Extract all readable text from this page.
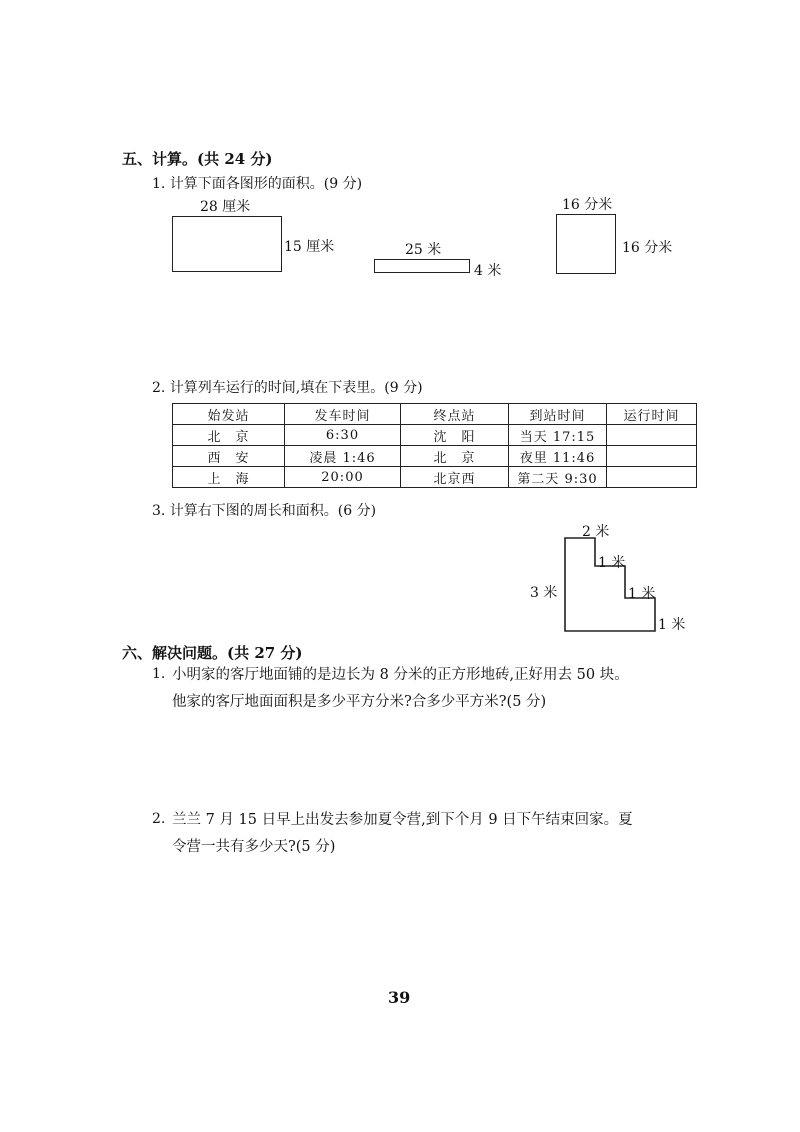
五、计算。(共 24 分)
1. 计算下面各图形的面积。(9 分)
28 厘米
15 厘米	25 米
4 米
16 分米
16 分米
2. 计算列车运行的时间,填在下表里。(9 分)
始发站	发车时间	终点站	到站时间	运行时间
北　京	6:30	沈　阳	当天 17:15	
西　安	凌晨 1:46	北　京	夜里 11:46	
上　海	20:00	北京西	第二天 9:30	
3. 计算右下图的周长和面积。(6 分)
2 米
3 米
1 米
1 米
1 米
六、解决问题。(共 27 分)
1. 小明家的客厅地面铺的是边长为 8 分米的正方形地砖,正好用去 50 块。
他家的客厅地面面积是多少平方分米?合多少平方米?(5 分)
2. 兰兰 7 月 15 日早上出发去参加夏令营,到下个月 9 日下午结束回家。夏
令营一共有多少天?(5 分)
39
